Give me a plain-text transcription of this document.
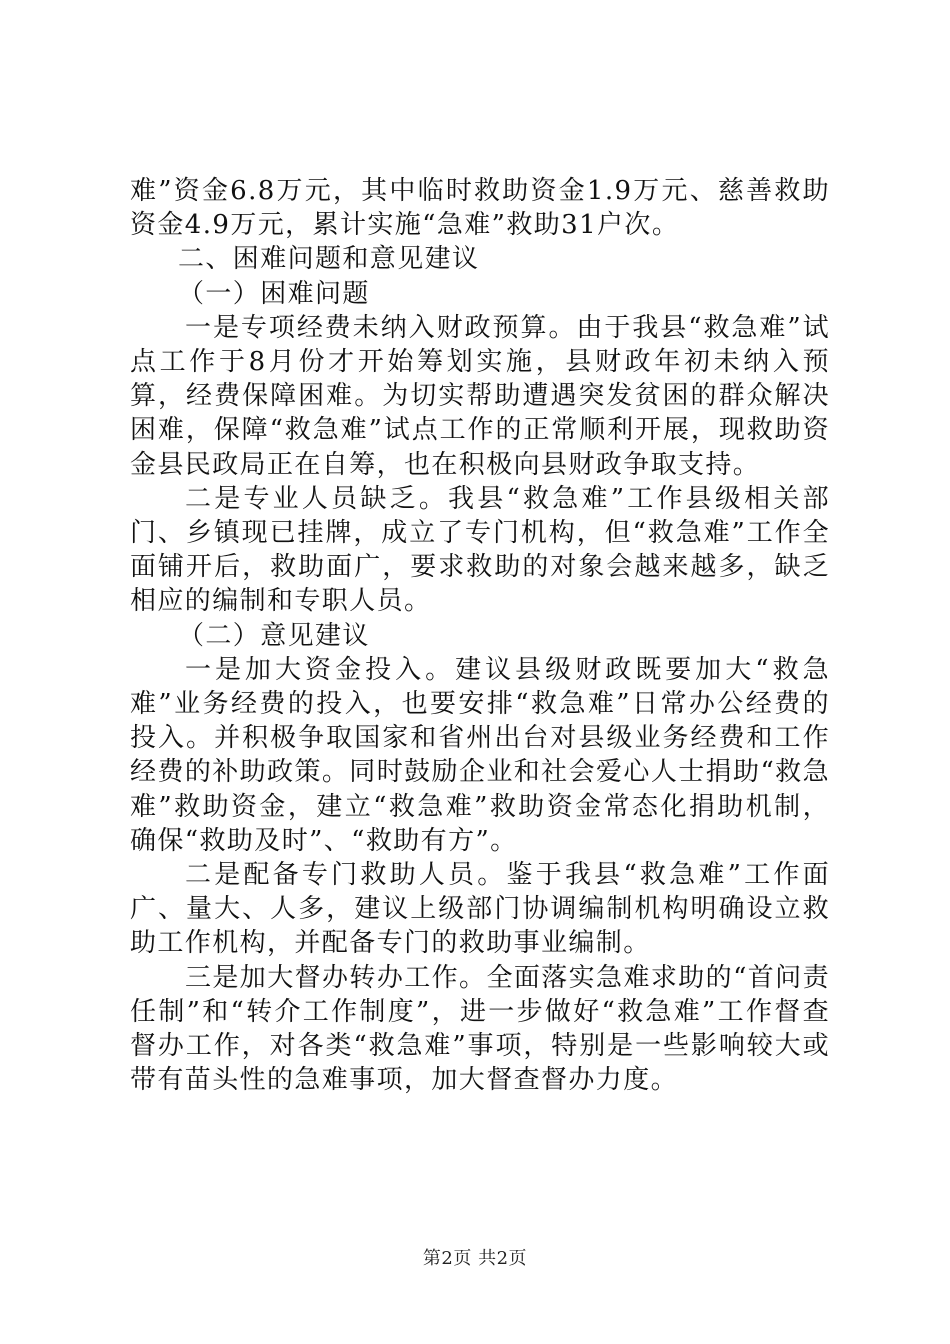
难”资金6.8万元，其中临时救助资金1.9万元、慈善救助资金4.9万元，累计实施“急难”救助31户次。

二、困难问题和意见建议

（一）困难问题

一是专项经费未纳入财政预算。由于我县“救急难”试点工作于8月份才开始筹划实施，县财政年初未纳入预算，经费保障困难。为切实帮助遭遇突发贫困的群众解决困难，保障“救急难”试点工作的正常顺利开展，现救助资金县民政局正在自筹，也在积极向县财政争取支持。

二是专业人员缺乏。我县“救急难”工作县级相关部门、乡镇现已挂牌，成立了专门机构，但“救急难”工作全面铺开后，救助面广，要求救助的对象会越来越多，缺乏相应的编制和专职人员。

（二）意见建议

一是加大资金投入。建议县级财政既要加大“救急难”业务经费的投入，也要安排“救急难”日常办公经费的投入。并积极争取国家和省州出台对县级业务经费和工作经费的补助政策。同时鼓励企业和社会爱心人士捐助“救急难”救助资金，建立“救急难”救助资金常态化捐助机制，确保“救助及时”、“救助有方”。

二是配备专门救助人员。鉴于我县“救急难”工作面广、量大、人多，建议上级部门协调编制机构明确设立救助工作机构，并配备专门的救助事业编制。

三是加大督办转办工作。全面落实急难求助的“首问责任制”和“转介工作制度”，进一步做好“救急难”工作督查督办工作，对各类“救急难”事项，特别是一些影响较大或带有苗头性的急难事项，加大督查督办力度。

第2页 共2页
